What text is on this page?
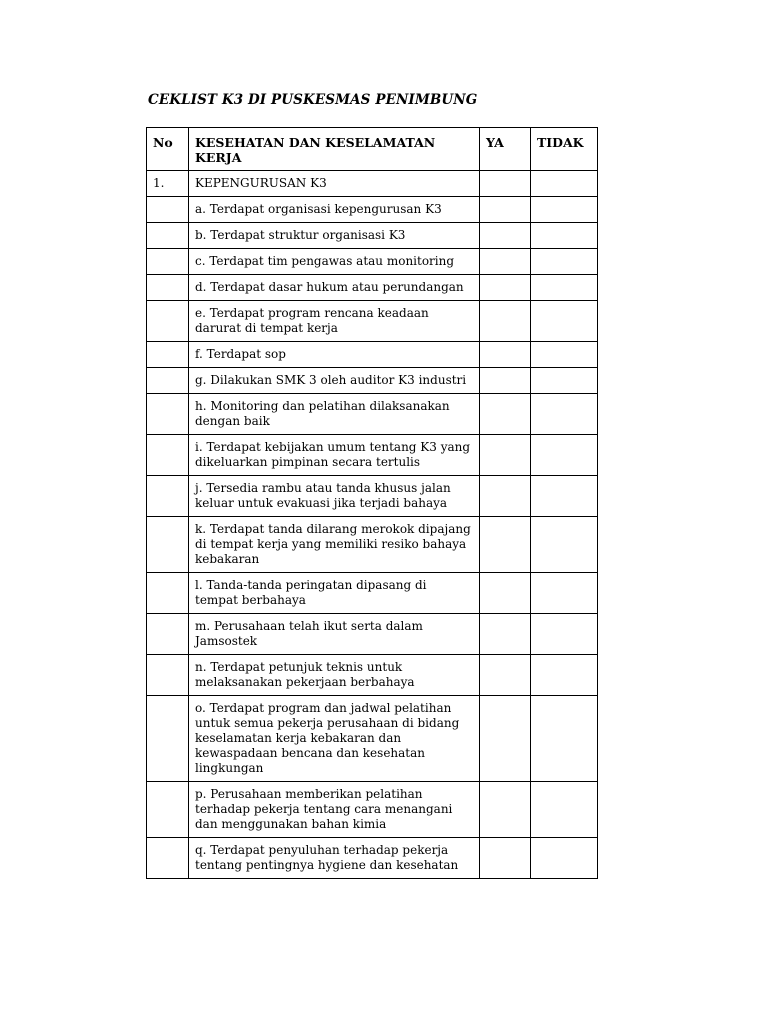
CEKLIST K3 DI PUSKESMAS PENIMBUNG
No	KESEHATAN DAN KESELAMATAN KERJA	YA	TIDAK
1.	KEPENGURUSAN K3		
	a. Terdapat organisasi kepengurusan K3		
	b. Terdapat struktur organisasi K3		
	c. Terdapat tim pengawas atau monitoring		
	d. Terdapat dasar hukum atau perundangan		
	e. Terdapat program rencana keadaan darurat di tempat kerja		
	f. Terdapat sop		
	g. Dilakukan SMK 3 oleh auditor K3 industri		
	h. Monitoring dan pelatihan dilaksanakan dengan baik		
	i. Terdapat kebijakan umum tentang K3 yang dikeluarkan pimpinan secara tertulis		
	j. Tersedia rambu atau tanda khusus jalan keluar untuk evakuasi jika terjadi bahaya		
	k. Terdapat tanda dilarang merokok dipajang di tempat kerja yang memiliki resiko bahaya kebakaran		
	l. Tanda-tanda peringatan dipasang di tempat berbahaya		
	m. Perusahaan telah ikut serta dalam Jamsostek		
	n. Terdapat petunjuk teknis untuk melaksanakan pekerjaan berbahaya		
	o. Terdapat program dan jadwal pelatihan untuk semua pekerja perusahaan di bidang keselamatan kerja kebakaran dan kewaspadaan bencana dan kesehatan lingkungan		
	p. Perusahaan memberikan pelatihan terhadap pekerja tentang cara menangani dan menggunakan bahan kimia		
	q. Terdapat penyuluhan terhadap pekerja tentang pentingnya hygiene dan kesehatan		
